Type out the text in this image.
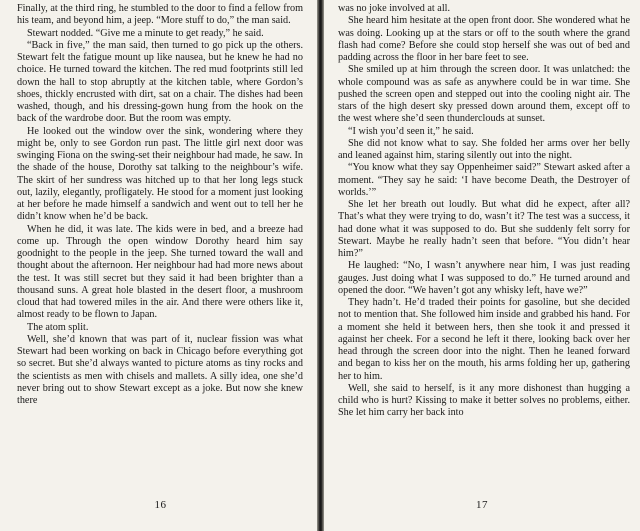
Finally, at the third ring, he stumbled to the door to find a fellow from his team, and beyond him, a jeep. “More stuff to do,” the man said.

Stewart nodded. “Give me a minute to get ready,” he said.

“Back in five,” the man said, then turned to go pick up the others. Stewart felt the fatigue mount up like nausea, but he knew he had no choice. He turned toward the kitchen. The red mud footprints still led down the hall to stop abruptly at the kitchen table, where Gordon’s shoes, thickly encrusted with dirt, sat on a chair. The dishes had been washed, though, and his dressing-gown hung from the hook on the back of the wardrobe door. But the room was empty.

He looked out the window over the sink, wondering where they might be, only to see Gordon run past. The little girl next door was swinging Fiona on the swing-set their neighbour had made, he saw. In the shade of the house, Dorothy sat talking to the neighbour’s wife. The skirt of her sundress was hitched up to that her long legs stuck out, lazily, elegantly, profligately. He stood for a moment just looking at her before he made himself a sandwich and went out to tell her he didn’t know when he’d be back.

When he did, it was late. The kids were in bed, and a breeze had come up. Through the open window Dorothy heard him say goodnight to the people in the jeep. She turned toward the wall and thought about the afternoon. Her neighbour had had more news about the test. It was still secret but they said it had been brighter than a thousand suns. A great hole blasted in the desert floor, a mushroom cloud that had towered miles in the air. And there were others like it, almost ready to be flown to Japan.

The atom split.

Well, she’d known that was part of it, nuclear fission was what Stewart had been working on back in Chicago before everything got so secret. But she’d always wanted to picture atoms as tiny rocks and the scientists as men with chisels and mallets. A silly idea, one she’d never bring out to show Stewart except as a joke. But now she knew there

16

was no joke involved at all.

She heard him hesitate at the open front door. She wondered what he was doing. Looking up at the stars or off to the south where the grand flash had come? Before she could stop herself she was out of bed and padding across the floor in her bare feet to see.

She smiled up at him through the screen door. It was unlatched: the whole compound was as safe as anywhere could be in war time. She pushed the screen open and stepped out into the cooling night air. The stars of the high desert sky pressed down around them, except off to the west where she’d seen thunderclouds at sunset.

“I wish you’d seen it,” he said.

She did not know what to say. She folded her arms over her belly and leaned against him, staring silently out into the night.

“You know what they say Oppenheimer said?” Stewart asked after a moment. “They say he said: ‘I have become Death, the Destroyer of worlds.’”

She let her breath out loudly. But what did he expect, after all? That’s what they were trying to do, wasn’t it? The test was a success, it had done what it was supposed to do. But she suddenly felt sorry for Stewart. Maybe he really hadn’t seen that before. “You didn’t hear him?”

He laughed: “No, I wasn’t anywhere near him, I was just reading gauges. Just doing what I was supposed to do.” He turned around and opened the door. “We haven’t got any whisky left, have we?”

They hadn’t. He’d traded their points for gasoline, but she decided not to mention that. She followed him inside and grabbed his hand. For a moment she held it between hers, then she took it and pressed it against her cheek. For a second he left it there, looking back over her head through the screen door into the night. Then he leaned forward and began to kiss her on the mouth, his arms folding her up, gathering her to him.

Well, she said to herself, is it any more dishonest than hugging a child who is hurt? Kissing to make it better solves no problems, either. She let him carry her back into

17
